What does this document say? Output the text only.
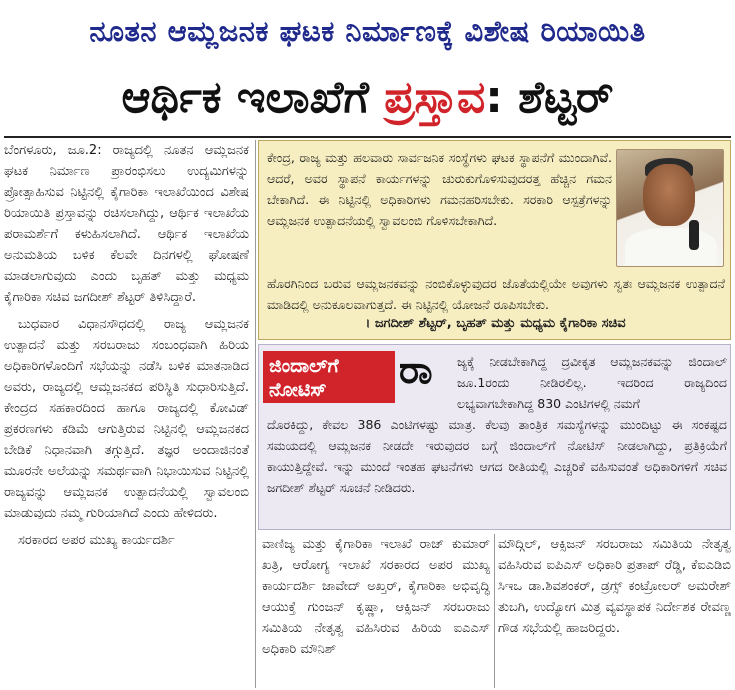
ನೂತನ ಆಮ್ಲಜನಕ ಘಟಕ ನಿರ್ಮಾಣಕ್ಕೆ ವಿಶೇಷ ರಿಯಾಯಿತಿ
ಆರ್ಥಿಕ ಇಲಾಖೆಗೆ ಪ್ರಸ್ತಾವ: ಶೆಟ್ಟರ್

ಬೆಂಗಳೂರು, ಜೂ.2: ರಾಜ್ಯದಲ್ಲಿ ನೂತನ ಆಮ್ಲಜನಕ ಘಟಕ ನಿರ್ಮಾಣ ಪ್ರಾರಂಭಿಸಲು ಉದ್ಯಮಿಗಳನ್ನು ಪ್ರೋತ್ಸಾಹಿಸುವ ನಿಟ್ಟಿನಲ್ಲಿ ಕೈಗಾರಿಕಾ ಇಲಾಖೆಯಿಂದ ವಿಶೇಷ ರಿಯಾಯಿತಿ ಪ್ರಸ್ತಾವನ್ನು ರಚಿಸಲಾಗಿದ್ದು, ಆರ್ಥಿಕ ಇಲಾಖೆಯ ಪರಾಮರ್ಶೆಗೆ ಕಳುಹಿಸಲಾಗಿದೆ. ಆರ್ಥಿಕ ಇಲಾಖೆಯ ಅನುಮತಿಯ ಬಳಿಕ ಕೆಲವೇ ದಿನಗಳಲ್ಲಿ ಘೋಷಣೆ ಮಾಡಲಾಗುವುದು ಎಂದು ಬೃಹತ್ ಮತ್ತು ಮಧ್ಯಮ ಕೈಗಾರಿಕಾ ಸಚಿವ ಜಗದೀಶ್ ಶೆಟ್ಟರ್ ತಿಳಿಸಿದ್ದಾರೆ.

ಬುಧವಾರ ವಿಧಾನಸೌಧದಲ್ಲಿ ರಾಜ್ಯ ಆಮ್ಲಜನಕ ಉತ್ಪಾದನೆ ಮತ್ತು ಸರಬರಾಜು ಸಂಬಂಧವಾಗಿ ಹಿರಿಯ ಅಧಿಕಾರಿಗಳೊಂದಿಗೆ ಸಭೆಯನ್ನು ನಡೆಸಿ ಬಳಿಕ ಮಾತನಾಡಿದ ಅವರು, ರಾಜ್ಯದಲ್ಲಿ ಆಮ್ಲಜನಕದ ಪರಿಸ್ಥಿತಿ ಸುಧಾರಿಸುತ್ತಿದೆ. ಕೇಂದ್ರದ ಸಹಕಾರದಿಂದ ಹಾಗೂ ರಾಜ್ಯದಲ್ಲಿ ಕೋವಿಡ್ ಪ್ರಕರಣಗಳು ಕಡಿಮೆ ಆಗುತ್ತಿರುವ ನಿಟ್ಟಿನಲ್ಲಿ ಆಮ್ಲಜನಕದ ಬೇಡಿಕೆ ನಿಧಾನವಾಗಿ ತಗ್ಗುತ್ತಿದೆ. ತಜ್ಞರ ಅಂದಾಜಿನಂತೆ ಮೂರನೇ ಅಲೆಯನ್ನು ಸಮರ್ಥವಾಗಿ ನಿಭಾಯಿಸುವ ನಿಟ್ಟಿನಲ್ಲಿ ರಾಜ್ಯವನ್ನು ಆಮ್ಲಜನಕ ಉತ್ಪಾದನೆಯಲ್ಲಿ ಸ್ವಾವಲಂಬಿ ಮಾಡುವುದು ನಮ್ಮ ಗುರಿಯಾಗಿದೆ ಎಂದು ಹೇಳಿದರು.

ಸರಕಾರದ ಅಪರ ಮುಖ್ಯ ಕಾರ್ಯದರ್ಶಿ

ಕೇಂದ್ರ, ರಾಜ್ಯ ಮತ್ತು ಹಲವಾರು ಸಾರ್ವಜನಿಕ ಸಂಸ್ಥೆಗಳು ಘಟಕ ಸ್ಥಾಪನೆಗೆ ಮುಂದಾಗಿವೆ. ಆದರೆ, ಅವರ ಸ್ಥಾಪನೆ ಕಾರ್ಯಗಳನ್ನು ಚುರುಕುಗೊಳಿಸುವುದರತ್ತ ಹೆಚ್ಚಿನ ಗಮನ ಬೇಕಾಗಿದೆ. ಈ ನಿಟ್ಟಿನಲ್ಲಿ ಅಧಿಕಾರಿಗಳು ಗಮನಹರಿಸಬೇಕು. ಸರಕಾರಿ ಆಸ್ಪತ್ರೆಗಳನ್ನು ಆಮ್ಲಜನಕ ಉತ್ಪಾದನೆಯಲ್ಲಿ ಸ್ವಾವಲಂಬಿ ಗೊಳಿಸಬೇಕಾಗಿದೆ.
ಹೊರಗಿನಿಂದ ಬರುವ ಆಮ್ಲಜನಕವನ್ನು ನಂಬಿಕೊಳ್ಳುವುದರ ಜೊತೆಯಲ್ಲಿಯೇ ಅವುಗಳು ಸ್ವತಃ ಆಮ್ಲಜನಕ ಉತ್ಪಾದನೆ ಮಾಡಿದಲ್ಲಿ ಅನುಕೂಲವಾಗುತ್ತದೆ. ಈ ನಿಟ್ಟಿನಲ್ಲಿ ಯೋಜನೆ ರೂಪಿಸಬೇಕು.
। ಜಗದೀಶ್ ಶೆಟ್ಟರ್, ಬೃಹತ್ ಮತ್ತು ಮಧ್ಯಮ ಕೈಗಾರಿಕಾ ಸಚಿವ
ಜಿಂದಾಲ್‌ಗೆ
ನೋಟಿಸ್	ರಾ ಜ್ಯಕ್ಕೆ ನೀಡಬೇಕಾಗಿದ್ದ ದ್ರವೀಕೃತ ಆಮ್ಲಜನಕವನ್ನು ಜಿಂದಾಲ್ ಜೂ.1ರಂದು ನೀಡಿರಲಿಲ್ಲ. ಇದರಿಂದ ರಾಜ್ಯದಿಂದ ಲಭ್ಯವಾಗಬೇಕಾಗಿದ್ದ 830 ಎಂಟಿಗಳಲ್ಲಿ ನಮಗೆ
ದೊರಕಿದ್ದು, ಕೇವಲ 386 ಎಂಟಿಗಳಷ್ಟು ಮಾತ್ರ. ಕೆಲವು ತಾಂತ್ರಿಕ ಸಮಸ್ಯೆಗಳನ್ನು ಮುಂದಿಟ್ಟು ಈ ಸಂಕಷ್ಟದ ಸಮಯದಲ್ಲಿ ಆಮ್ಲಜನಕ ನೀಡದೇ ಇರುವುದರ ಬಗ್ಗೆ ಜಿಂದಾಲ್‌ಗೆ ನೋಟಿಸ್ ನೀಡಲಾಗಿದ್ದು, ಪ್ರತಿಕ್ರಿಯೆಗೆ ಕಾಯುತ್ತಿದ್ದೇವೆ. ಇನ್ನು ಮುಂದೆ ಇಂತಹ ಘಟನೆಗಳು ಆಗದ ರೀತಿಯಲ್ಲಿ ಎಚ್ಚರಿಕೆ ವಹಿಸುವಂತೆ ಅಧಿಕಾರಿಗಳಿಗೆ ಸಚಿವ ಜಗದೀಶ್ ಶೆಟ್ಟರ್ ಸೂಚನೆ ನೀಡಿದರು.
ವಾಣಿಜ್ಯ ಮತ್ತು ಕೈಗಾರಿಕಾ ಇಲಾಖೆ ರಾಜ್ ಕುಮಾರ್ ಖತ್ರಿ, ಆರೋಗ್ಯ ಇಲಾಖೆ ಸರಕಾರದ ಅಪರ ಮುಖ್ಯ ಕಾರ್ಯದರ್ಶಿ ಜಾವೇದ್ ಅಖ್ತರ್, ಕೈಗಾರಿಕಾ ಅಭಿವೃದ್ಧಿ ಆಯುಕ್ತೆ ಗುಂಜನ್ ಕೃಷ್ಣಾ, ಆಕ್ಸಿಜನ್ ಸರಬರಾಜು ಸಮಿತಿಯ ನೇತೃತ್ವ ವಹಿಸಿರುವ ಹಿರಿಯ ಐಎಎಸ್ ಅಧಿಕಾರಿ ಮೌನಿಶ್
ಮೌದ್ಗಿಲ್, ಆಕ್ಸಿಜನ್ ಸರಬರಾಜು ಸಮಿತಿಯ ನೇತೃತ್ವ ವಹಿಸಿರುವ ಐಪಿಎಸ್ ಅಧಿಕಾರಿ ಪ್ರತಾಪ್ ರೆಡ್ಡಿ, ಕೆಐಎಡಿಬಿ ಸಿಇಒ ಡಾ.ಶಿವಶಂಕರ್, ಡ್ರಗ್ಸ್ ಕಂಟ್ರೋಲರ್ ಅಮರೇಶ್ ತುಬಗಿ, ಉದ್ಯೋಗ ಮಿತ್ರ ವ್ಯವಸ್ಥಾಪಕ ನಿರ್ದೇಶಕ ರೇವಣ್ಣ ಗೌಡ ಸಭೆಯಲ್ಲಿ ಹಾಜರಿದ್ದರು.
